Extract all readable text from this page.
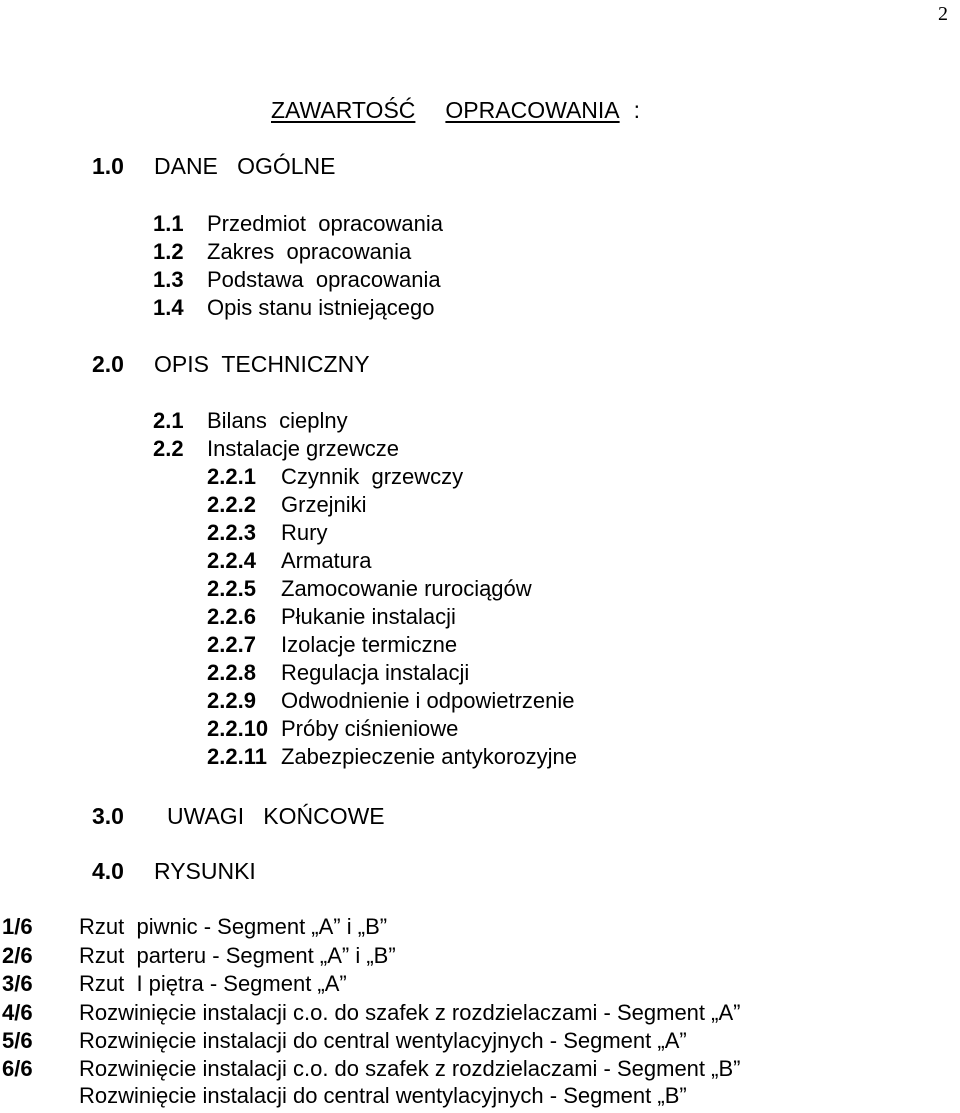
2
ZAWARTOŚĆ OPRACOWANIA :
1.0 DANE   OGÓLNE
1.1 Przedmiot  opracowania
1.2 Zakres  opracowania
1.3 Podstawa  opracowania
1.4 Opis stanu istniejącego
2.0 OPIS  TECHNICZNY
2.1 Bilans  cieplny
2.2 Instalacje grzewcze
2.2.1 Czynnik  grzewczy
2.2.2 Grzejniki
2.2.3 Rury
2.2.4 Armatura
2.2.5 Zamocowanie rurociągów
2.2.6 Płukanie instalacji
2.2.7 Izolacje termiczne
2.2.8 Regulacja instalacji
2.2.9 Odwodnienie i odpowietrzenie
2.2.10 Próby ciśnieniowe
2.2.11 Zabezpieczenie antykorozyjne
3.0 UWAGI   KOŃCOWE
4.0 RYSUNKI
1/6 Rzut  piwnic - Segment „A” i „B”
2/6 Rzut  parteru - Segment „A” i „B”
3/6 Rzut  I piętra - Segment „A”
4/6 Rozwinięcie instalacji c.o. do szafek z rozdzielaczami - Segment „A”
5/6 Rozwinięcie instalacji do central wentylacyjnych - Segment „A”
6/6 Rozwinięcie instalacji c.o. do szafek z rozdzielaczami - Segment „B”
Rozwinięcie instalacji do central wentylacyjnych - Segment „B”
